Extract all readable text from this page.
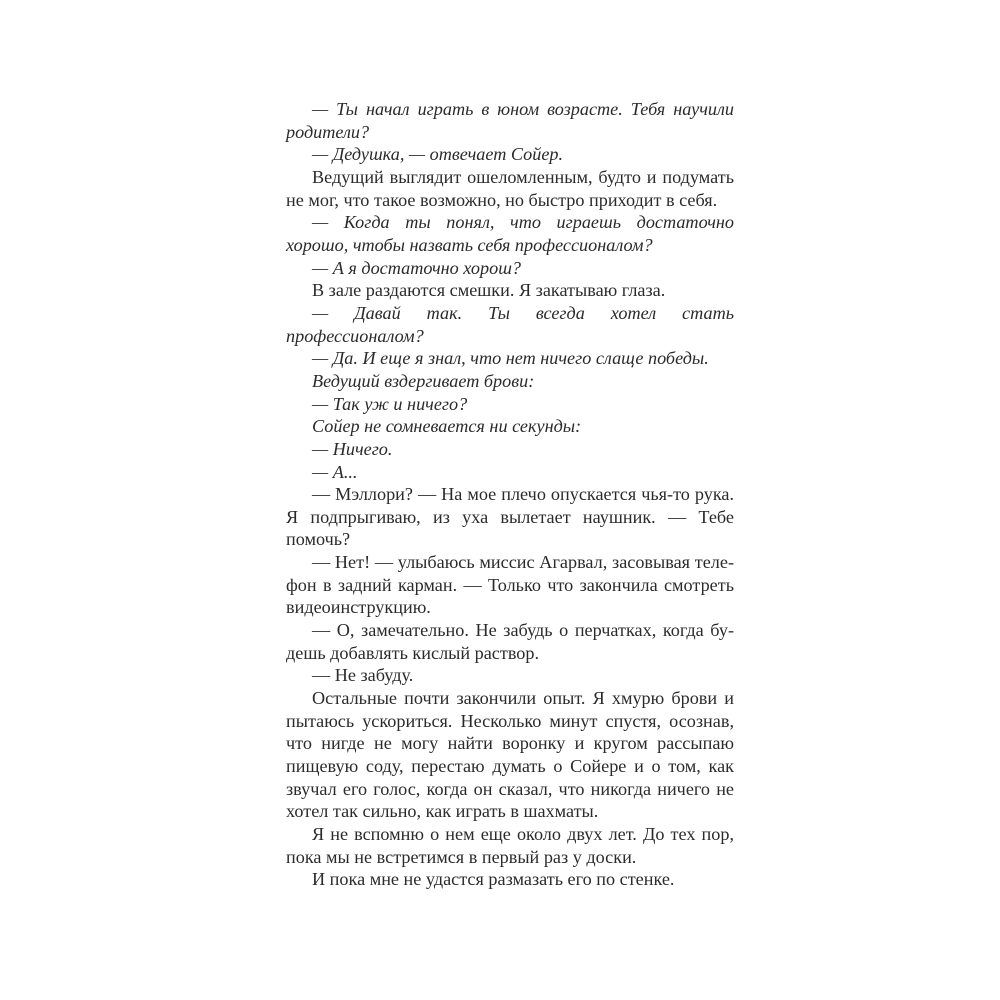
— Ты начал играть в юном возрасте. Тебя научили родители?

— Дедушка, — отвечает Сойер.

Ведущий выглядит ошеломленным, будто и подумать не мог, что такое возможно, но быстро приходит в себя.

— Когда ты понял, что играешь достаточно хорошо, чтобы назвать себя профессионалом?

— А я достаточно хорош?

В зале раздаются смешки. Я закатываю глаза.

— Давай так. Ты всегда хотел стать профессионалом?

— Да. И еще я знал, что нет ничего слаще победы.

Ведущий вздергивает брови:

— Так уж и ничего?

Сойер не сомневается ни секунды:

— Ничего.

— А...

— Мэллори? — На мое плечо опускается чья-то рука. Я подпрыгиваю, из уха вылетает наушник. — Тебе помочь?

— Нет! — улыбаюсь миссис Агарвал, засовывая телефон в задний карман. — Только что закончила смотреть видеоинструкцию.

— О, замечательно. Не забудь о перчатках, когда будешь добавлять кислый раствор.

— Не забуду.

Остальные почти закончили опыт. Я хмурю брови и пытаюсь ускориться. Несколько минут спустя, осознав, что нигде не могу найти воронку и кругом рассыпаю пищевую соду, перестаю думать о Сойере и о том, как звучал его голос, когда он сказал, что никогда ничего не хотел так сильно, как играть в шахматы.

Я не вспомню о нем еще около двух лет. До тех пор, пока мы не встретимся в первый раз у доски.

И пока мне не удастся размазать его по стенке.
